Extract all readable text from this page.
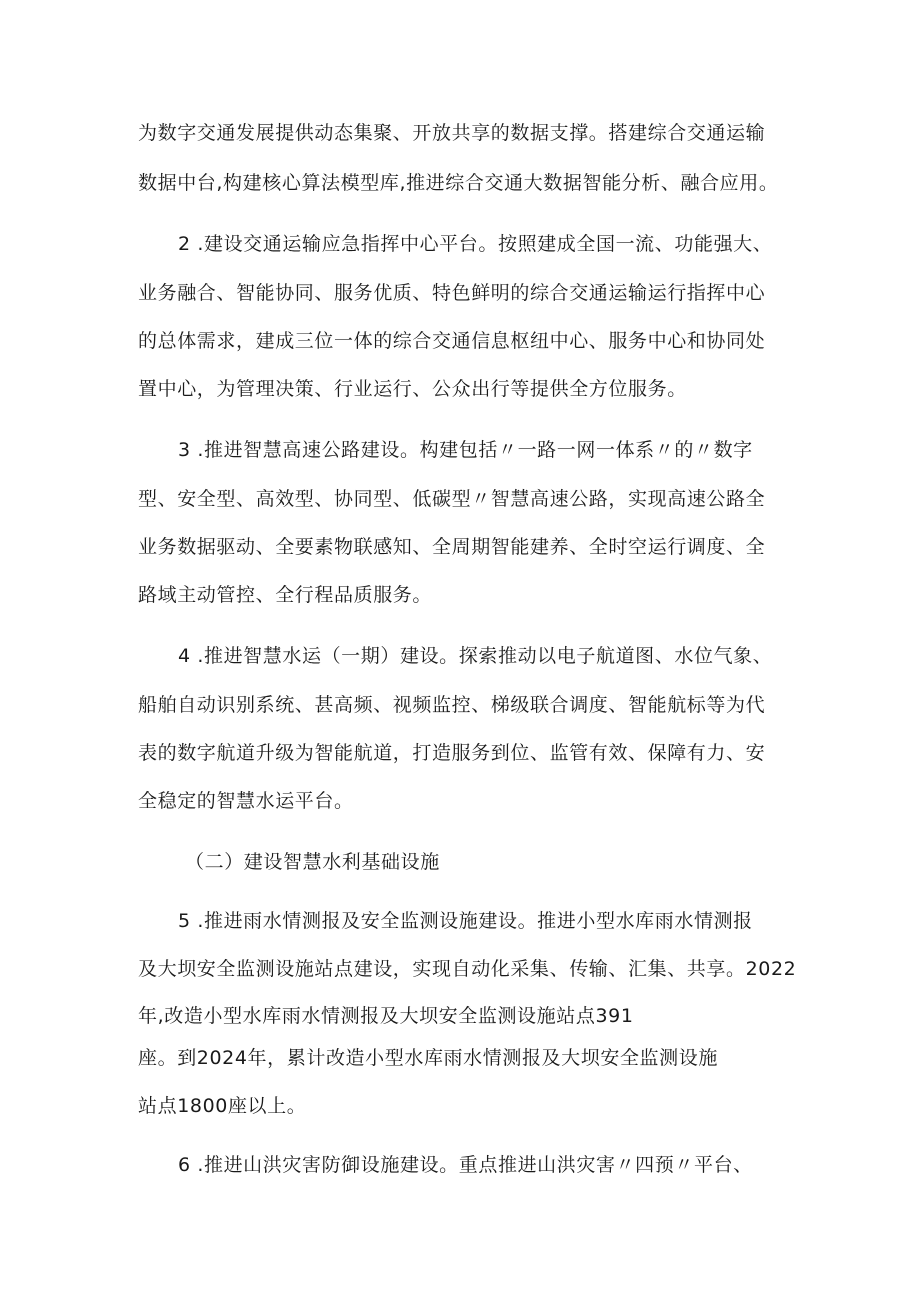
为数字交通发展提供动态集聚、开放共享的数据支撑。搭建综合交通运输
数据中台,构建核心算法模型库,推进综合交通大数据智能分析、融合应用。
2 .建设交通运输应急指挥中心平台。按照建成全国一流、功能强大、
业务融合、智能协同、服务优质、特色鲜明的综合交通运输运行指挥中心
的总体需求，建成三位一体的综合交通信息枢纽中心、服务中心和协同处
置中心，为管理决策、行业运行、公众出行等提供全方位服务。
3 .推进智慧高速公路建设。构建包括〃一路一网一体系〃的〃数字
型、安全型、高效型、协同型、低碳型〃智慧高速公路，实现高速公路全
业务数据驱动、全要素物联感知、全周期智能建养、全时空运行调度、全
路域主动管控、全行程品质服务。
4 .推进智慧水运（一期）建设。探索推动以电子航道图、水位气象、
船舶自动识别系统、甚高频、视频监控、梯级联合调度、智能航标等为代
表的数字航道升级为智能航道，打造服务到位、监管有效、保障有力、安
全稳定的智慧水运平台。
（二）建设智慧水利基础设施
5 .推进雨水情测报及安全监测设施建设。推进小型水库雨水情测报
及大坝安全监测设施站点建设，实现自动化采集、传输、汇集、共享。2022
年,改造小型水库雨水情测报及大坝安全监测设施站点391
座。到2024年，累计改造小型水库雨水情测报及大坝安全监测设施
站点1800座以上。
6 .推进山洪灾害防御设施建设。重点推进山洪灾害〃四预〃平台、
